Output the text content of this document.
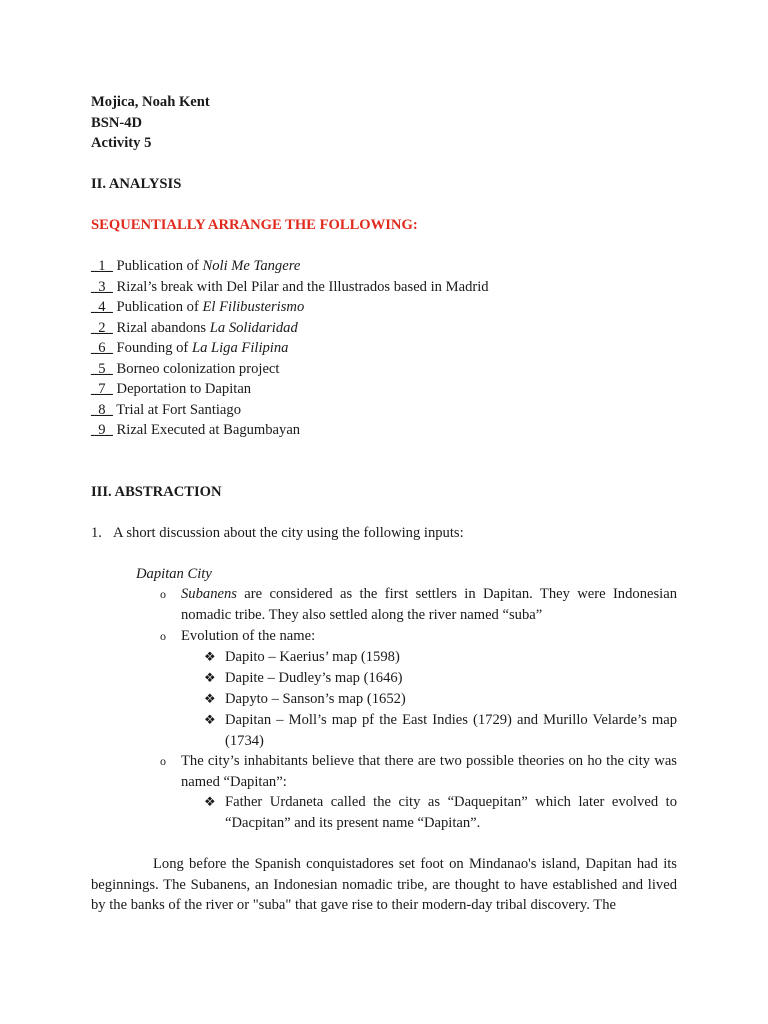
Mojica, Noah Kent
BSN-4D
Activity 5
II. ANALYSIS
SEQUENTIALLY ARRANGE THE FOLLOWING:
_1_ Publication of Noli Me Tangere
_3_ Rizal’s break with Del Pilar and the Illustrados based in Madrid
_4_ Publication of El Filibusterismo
_2_ Rizal abandons La Solidaridad
_6_ Founding of La Liga Filipina
_5_ Borneo colonization project
_7_ Deportation to Dapitan
_8_ Trial at Fort Santiago
_9_ Rizal Executed at Bagumbayan
III. ABSTRACTION
1. A short discussion about the city using the following inputs:
Dapitan City
o Subanens are considered as the first settlers in Dapitan. They were Indonesian nomadic tribe. They also settled along the river named “suba”
o Evolution of the name:
❖ Dapito – Kaerius’ map (1598)
❖ Dapite – Dudley’s map (1646)
❖ Dapyto – Sanson’s map (1652)
❖ Dapitan – Moll’s map pf the East Indies (1729) and Murillo Velarde’s map (1734)
o The city’s inhabitants believe that there are two possible theories on ho the city was named “Dapitan”:
❖ Father Urdaneta called the city as “Daquepitan” which later evolved to “Dacpitan” and its present name “Dapitan”.
Long before the Spanish conquistadores set foot on Mindanao's island, Dapitan had its beginnings. The Subanens, an Indonesian nomadic tribe, are thought to have established and lived by the banks of the river or "suba" that gave rise to their modern-day tribal discovery. The
